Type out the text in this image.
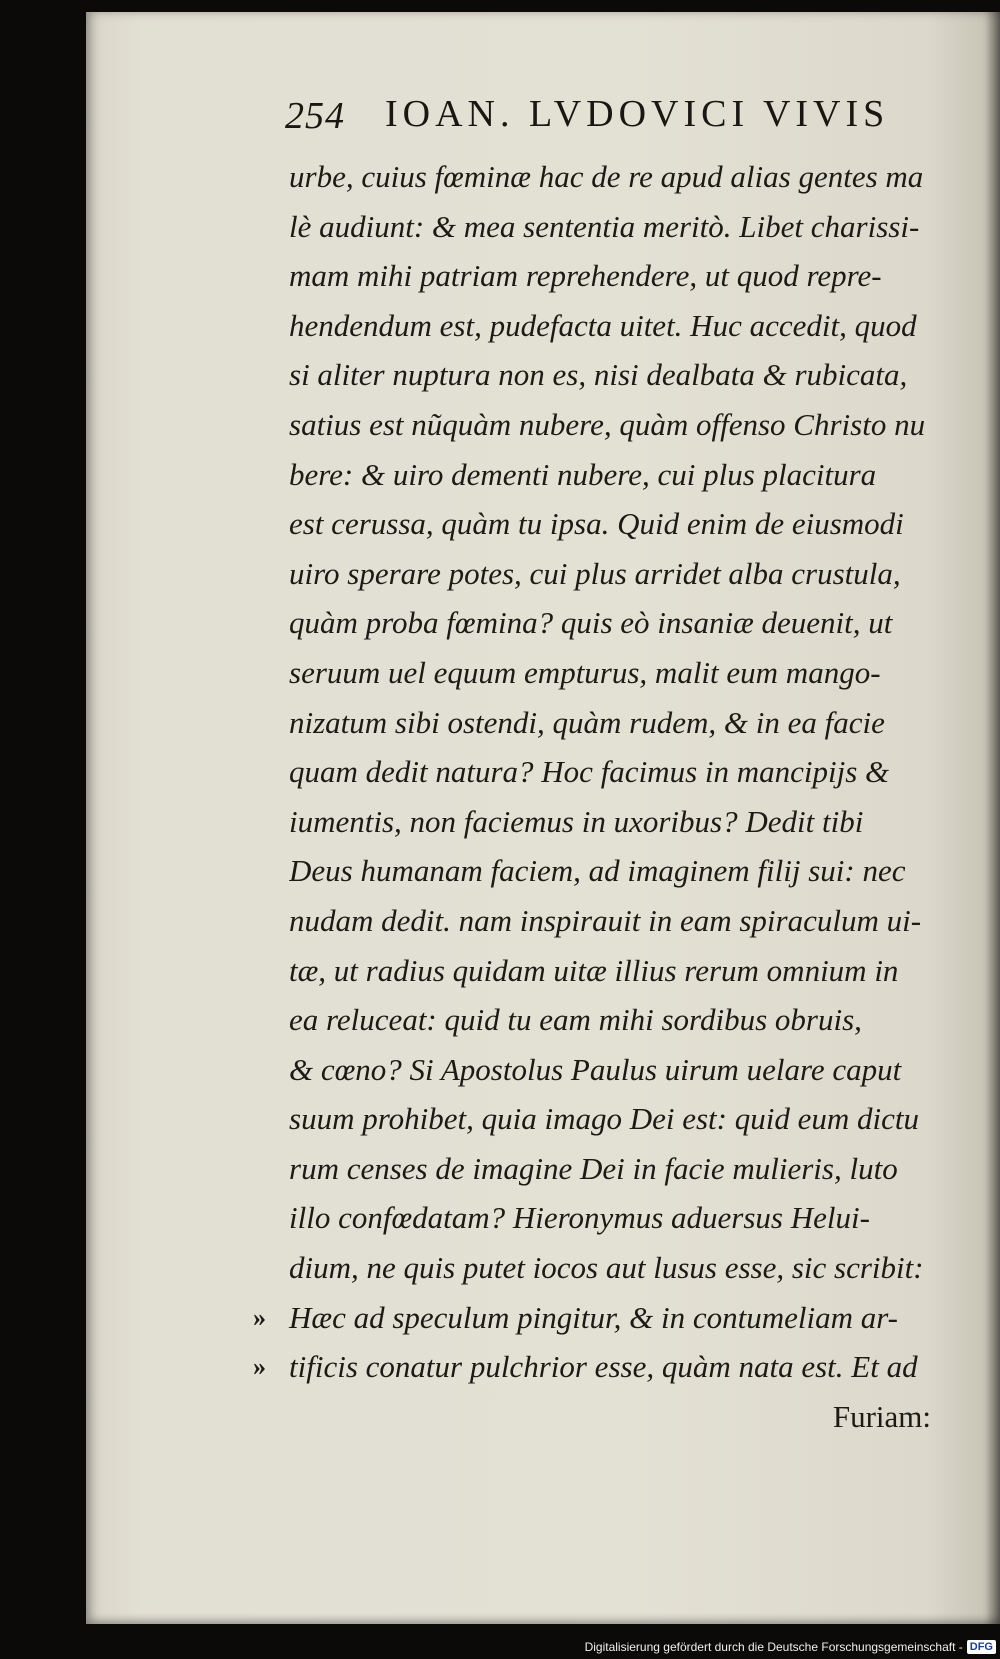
254 IOAN. LVDOVICI VIVIS
urbe, cuius fœminæ hac de re apud alias gentes ma
lè audiunt: & mea sententia meritò. Libet charissi-
mam mihi patriam reprehendere, ut quod repre-
hendendum est, pudefacta uitet. Huc accedit, quod
si aliter nuptura non es, nisi dealbata & rubicata,
satius est nũquàm nubere, quàm offenso Christo nu
bere: & uiro dementi nubere, cui plus placitura
est cerussa, quàm tu ipsa. Quid enim de eiusmodi
uiro sperare potes, cui plus arridet alba crustula,
quàm proba fœmina? quis eò insaniæ deuenit, ut
seruum uel equum empturus, malit eum mango-
nizatum sibi ostendi, quàm rudem, & in ea facie
quam dedit natura? Hoc facimus in mancipijs &
iumentis, non faciemus in uxoribus? Dedit tibi
Deus humanam faciem, ad imaginem filij sui: nec
nudam dedit. nam inspirauit in eam spiraculum ui-
tæ, ut radius quidam uitæ illius rerum omnium in
ea reluceat: quid tu eam mihi sordibus obruis,
& cœno? Si Apostolus Paulus uirum uelare caput
suum prohibet, quia imago Dei est: quid eum dictu
rum censes de imagine Dei in facie mulieris, luto
illo confœdatam? Hieronymus aduersus Helui-
dium, ne quis putet iocos aut lusus esse, sic scribit:
» Hæc ad speculum pingitur, & in contumeliam ar-
» tificis conatur pulchrior esse, quàm nata est. Et ad
Furiam:
Digitalisierung gefördert durch die Deutsche Forschungsgemeinschaft - DFG
